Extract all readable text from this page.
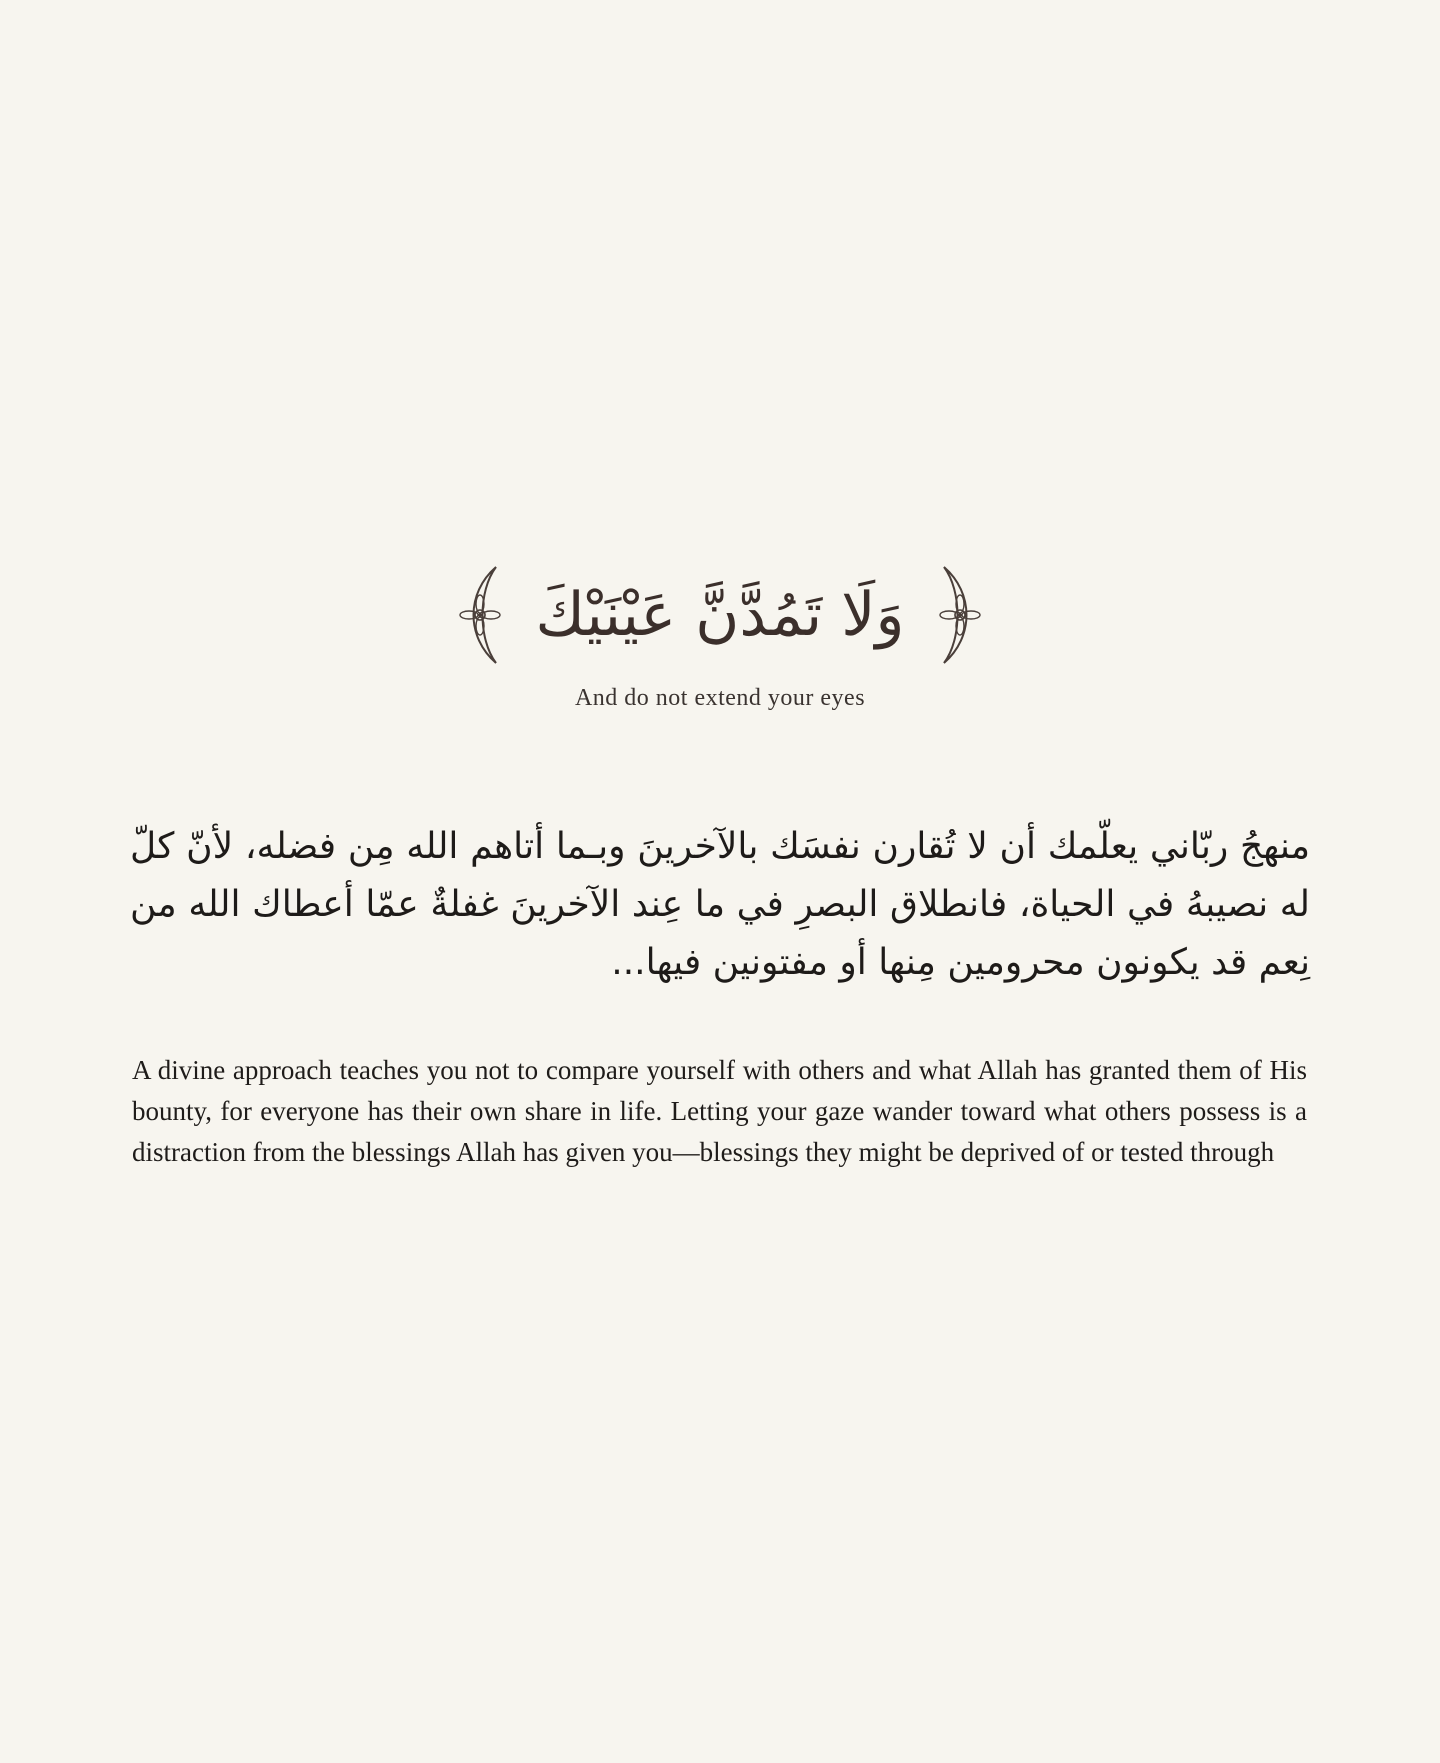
وَلَا تَمُدَّنَّ عَيْنَيْكَ
And do not extend your eyes
منهجُ ربّاني يعلّمك أن لا تُقارن نفسَك بالآخرينَ وبـما أتاهم الله مِن فضله، لأنّ كلّ له نصيبهُ في الحياة، فانطلاق البصرِ في ما عِند الآخرينَ غفلةٌ عمّا أعطاك الله من نِعم قد يكونون محرومين مِنها أو مفتونين فيها...
A divine approach teaches you not to compare yourself with others and what Allah has granted them of His bounty, for everyone has their own share in life. Letting your gaze wander toward what others possess is a distraction from the blessings Allah has given you—blessings they might be deprived of or tested through
